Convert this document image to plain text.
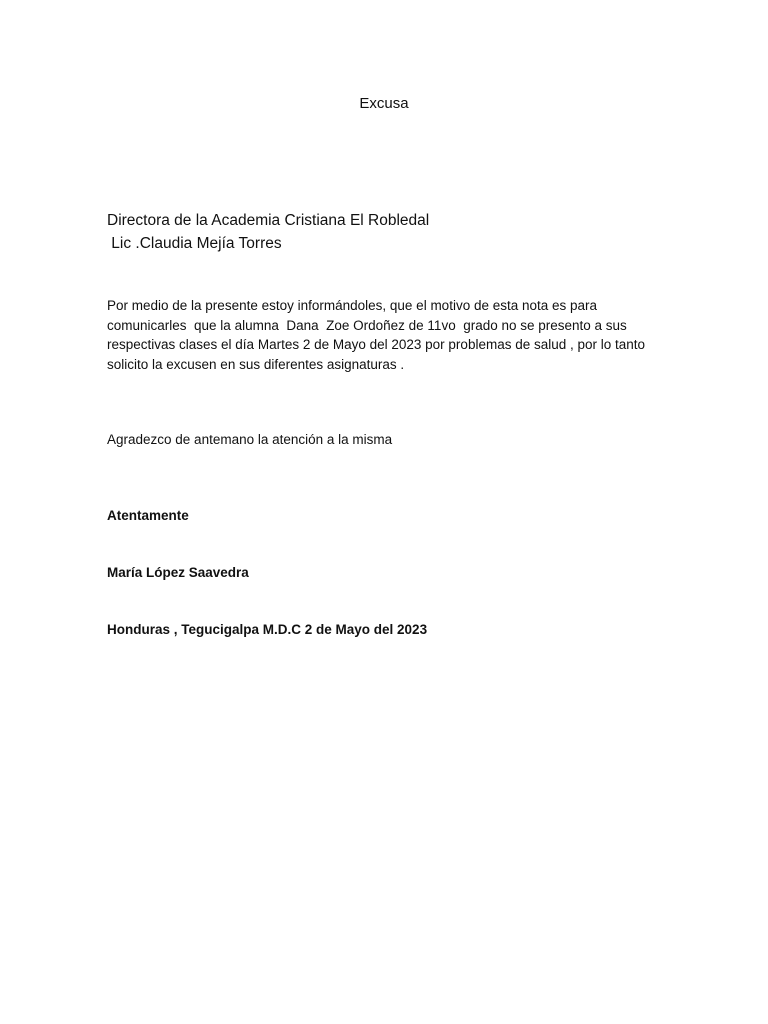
Excusa
Directora de la Academia Cristiana El Robledal
Lic .Claudia Mejía Torres
Por medio de la presente estoy informándoles, que el motivo de esta nota es para
comunicarles  que la alumna  Dana  Zoe Ordoñez de 11vo  grado no se presento a sus
respectivas clases el día Martes 2 de Mayo del 2023 por problemas de salud , por lo tanto
solicito la excusen en sus diferentes asignaturas .
Agradezco de antemano la atención a la misma
Atentamente
María López Saavedra
Honduras , Tegucigalpa M.D.C 2 de Mayo del 2023
